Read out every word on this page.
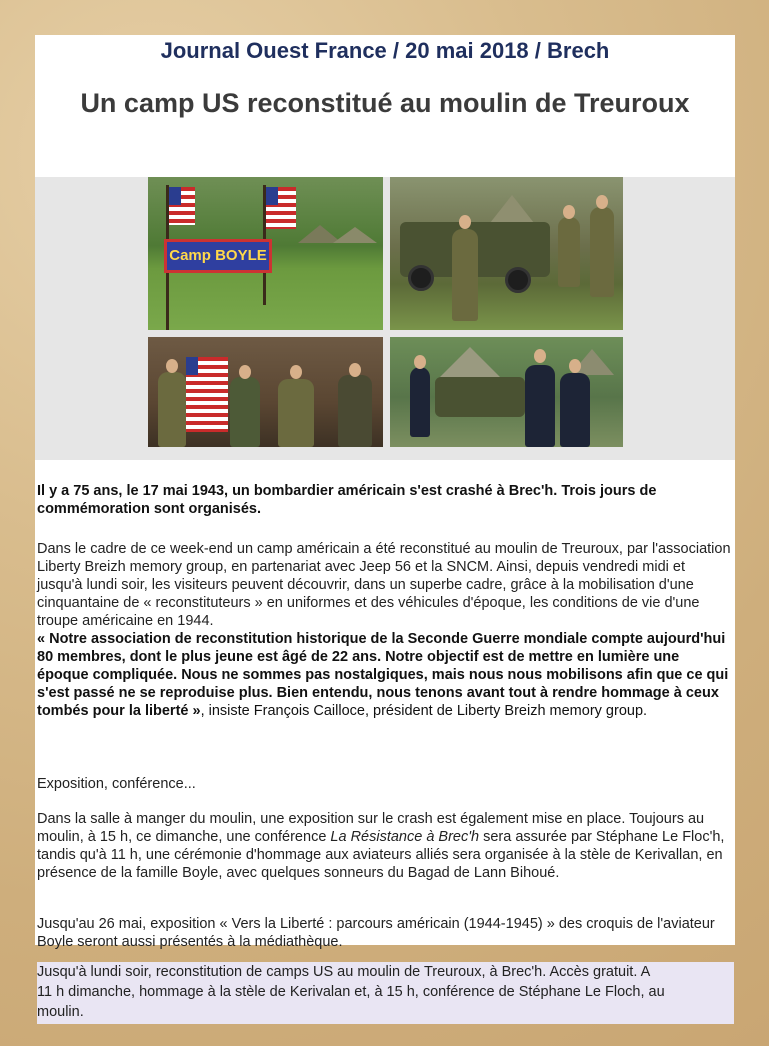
Journal Ouest France / 20 mai 2018 / Brech
Un camp US reconstitué au moulin de Treuroux
Camp BOYLE
Il y a 75 ans, le 17 mai 1943, un bombardier américain s'est crashé à Brec'h. Trois jours de commémoration sont organisés.
Dans le cadre de ce week-end un camp américain a été reconstitué au moulin de Treuroux, par l'association Liberty Breizh memory group, en partenariat avec Jeep 56 et la SNCM. Ainsi, depuis vendredi midi et jusqu'à lundi soir, les visiteurs peuvent découvrir, dans un superbe cadre, grâce à la mobilisation d'une cinquantaine de « reconstituteurs » en uniformes et des véhicules d'époque, les conditions de vie d'une troupe américaine en 1944.
« Notre association de reconstitution historique de la Seconde Guerre mondiale compte aujourd'hui 80 membres, dont le plus jeune est âgé de 22 ans. Notre objectif est de mettre en lumière une époque compliquée. Nous ne sommes pas nostalgiques, mais nous nous mobilisons afin que ce qui s'est passé ne se reproduise plus. Bien entendu, nous tenons avant tout à rendre hommage à ceux tombés pour la liberté », insiste François Cailloce, président de Liberty Breizh memory group.
Exposition, conférence...
Dans la salle à manger du moulin, une exposition sur le crash est également mise en place. Toujours au moulin, à 15 h, ce dimanche, une conférence La Résistance à Brec'h sera assurée par Stéphane Le Floc'h, tandis qu'à 11 h, une cérémonie d'hommage aux aviateurs alliés sera organisée à la stèle de Kerivallan, en présence de la famille Boyle, avec quelques sonneurs du Bagad de Lann Bihoué.
Jusqu'au 26 mai, exposition « Vers la Liberté : parcours américain (1944-1945) » des croquis de l'aviateur Boyle seront aussi présentés à la médiathèque.
Jusqu'à lundi soir, reconstitution de camps US au moulin de Treuroux, à Brec'h. Accès gratuit. A
11 h dimanche, hommage à la stèle de Kerivalan et, à 15 h, conférence de Stéphane Le Floch, au
moulin.
